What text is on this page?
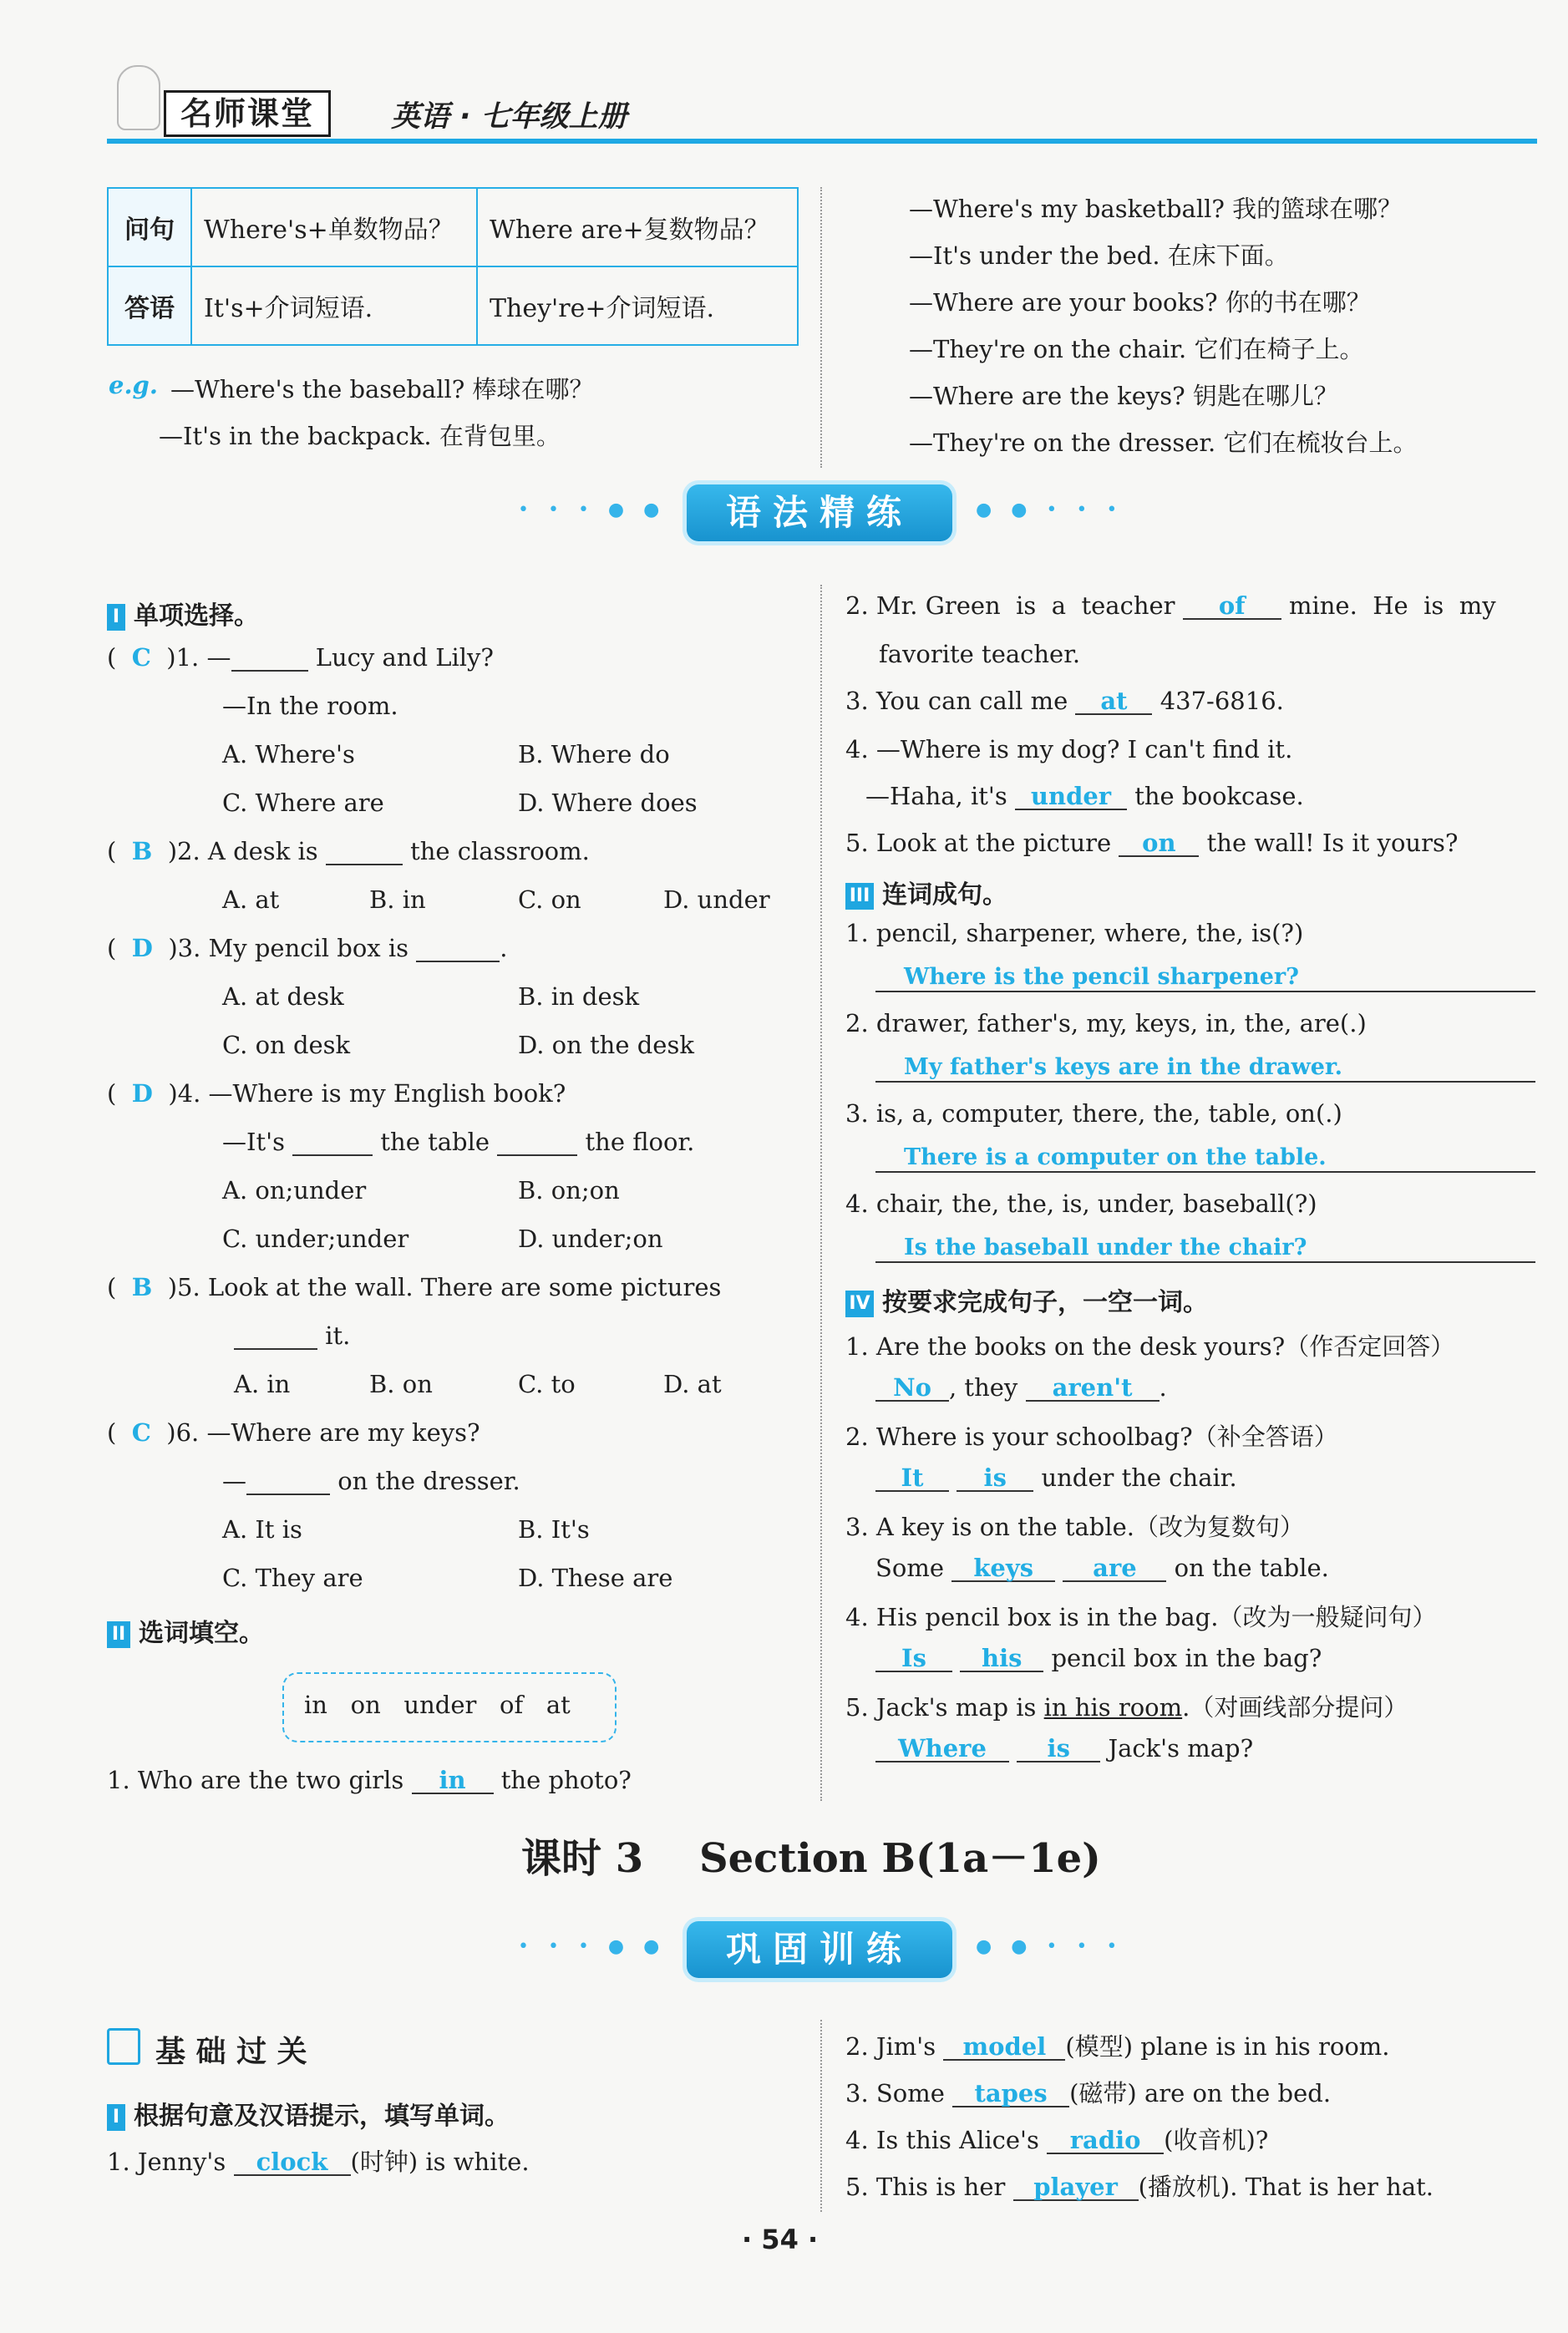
名师课堂	英语 · 七年级上册
问句	Where's+单数物品？	Where are+复数物品？
答语	It's+介词短语.	They're+介词短语.
e.g. —Where's the baseball? 棒球在哪？
—It's in the backpack. 在背包里。
—Where's my basketball? 我的篮球在哪？
—It's under the bed. 在床下面。
—Where are your books? 你的书在哪？
—They're on the chair. 它们在椅子上。
—Where are the keys? 钥匙在哪儿？
—They're on the dresser. 它们在梳妆台上。
• • • ● ●	语法精练	● ● • • •
I 单项选择。
(  C )1. —	Lucy and Lily?
—In the room.
A. Where's	B. Where do
C. Where are	D. Where does
(  B )2. A desk is	the classroom.
A. at	B. in	C. on	D. under
(  D )3. My pencil box is	.
A. at desk	B. in desk
C. on desk	D. on the desk
(  D )4. —Where is my English book?
—It's	the table	the floor.
A. on;under	B. on;on
C. under;under	D. under;on
(  B )5. Look at the wall. There are some pictures
it.
A. in	B. on	C. to	D. at
(  C )6. —Where are my keys?
—	on the dresser.
A. It is	B. It's
C. They are	D. These are
II 选词填空。
in   on   under   of   at
1. Who are the two girls in the photo?
2. Mr. Green  is  a  teacher of mine.  He  is  my
favorite teacher.
3. You can call me at 437-6816.
4. —Where is my dog? I can't find it.
—Haha, it's under the bookcase.
5. Look at the picture on the wall! Is it yours?
III 连词成句。
1. pencil, sharpener, where, the, is(?)
Where is the pencil sharpener?
2. drawer, father's, my, keys, in, the, are(.)
My father's keys are in the drawer.
3. is, a, computer, there, the, table, on(.)
There is a computer on the table.
4. chair, the, the, is, under, baseball(?)
Is the baseball under the chair?
IV 按要求完成句子，一空一词。
1. Are the books on the desk yours?（作否定回答）
No , they aren't .
2. Where is your schoolbag?（补全答语）
It is under the chair.
3. A key is on the table.（改为复数句）
Some keys are on the table.
4. His pencil box is in the bag.（改为一般疑问句）
Is his pencil box in the bag?
5. Jack's map is in his room.（对画线部分提问）
Where	is Jack's map?
课时 3    Section B(1a－1e)
• • • ● ●	巩固训练	● ● • • •
基 础 过 关
I 根据句意及汉语提示，填写单词。
1. Jenny's clock (时钟) is white.
2. Jim's model (模型) plane is in his room.
3. Some tapes (磁带) are on the bed.
4. Is this Alice's radio (收音机)?
5. This is her player (播放机). That is her hat.
· 54 ·
